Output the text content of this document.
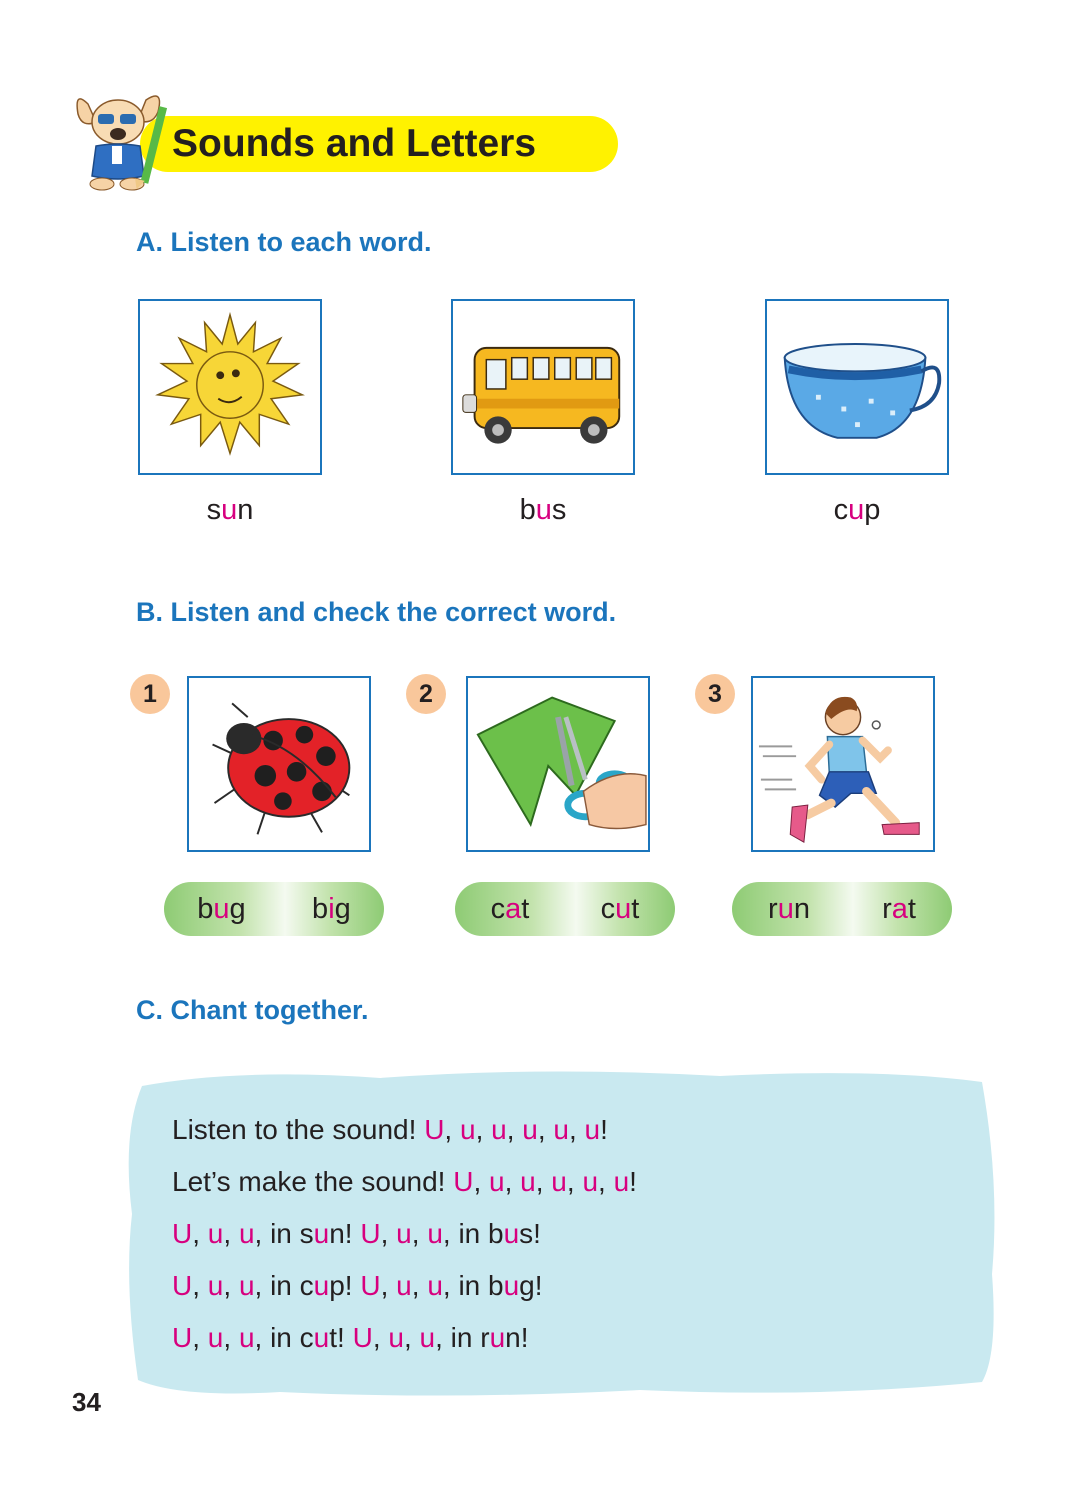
Sounds and Letters
A. Listen to each word.
sun	bus	cup
B. Listen and check the correct word.
1	2	3
bug big	cat cut	run rat
C. Chant together.
Listen to the sound! U, u, u, u, u, u!
Let’s make the sound! U, u, u, u, u, u!
U, u, u, in sun! U, u, u, in bus!
U, u, u, in cup! U, u, u, in bug!
U, u, u, in cut! U, u, u, in run!
34
